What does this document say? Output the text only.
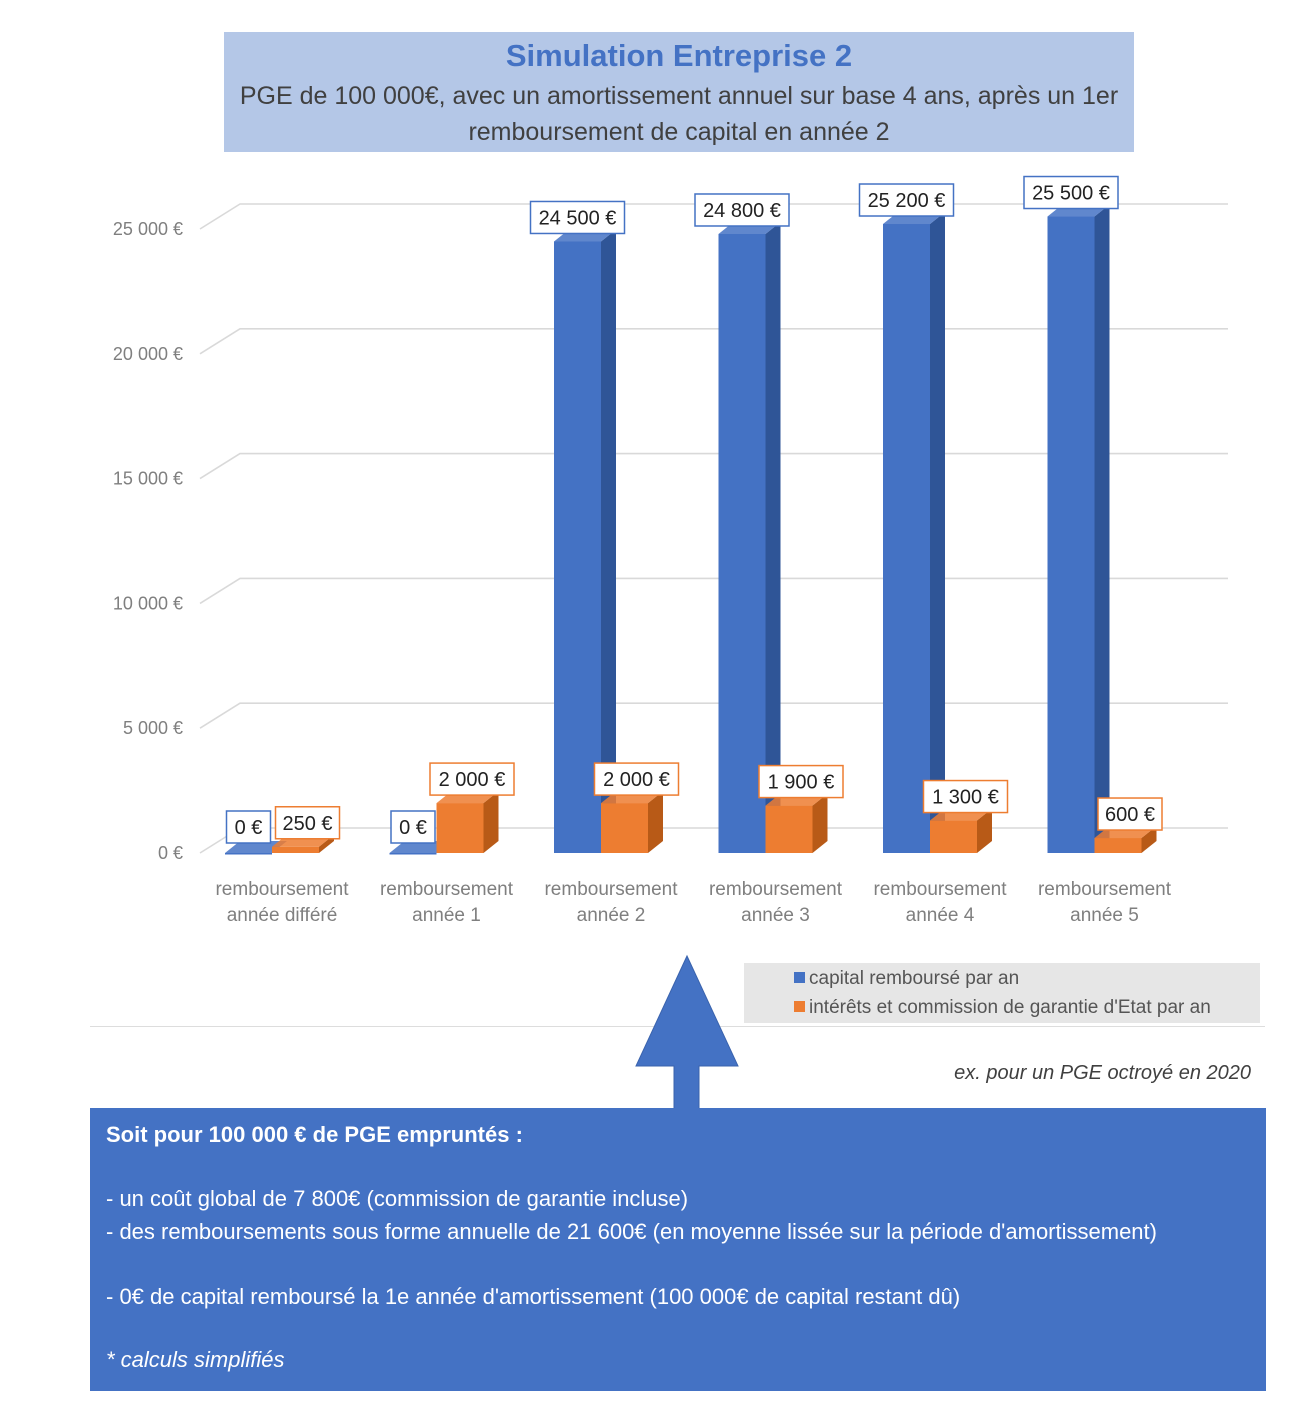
Simulation Entreprise 2
PGE de 100 000€, avec un amortissement annuel sur base 4 ans, après un 1er remboursement de capital en année 2
0 €
5 000 €
10 000 €
15 000 €
20 000 €
25 000 €
0 € 250 €	0 €
2 000 €
24 500 €
2 000 €
24 800 €
1 900 €
25 200 €
1 300 €
25 500 €
600 €
remboursement
année différé
remboursement
année 1
remboursement
année 2
remboursement
année 3
remboursement
année 4
remboursement
année 5
capital remboursé par an
intérêts et commission de garantie d'Etat par an
ex. pour un PGE octroyé en 2020
Soit pour 100 000 € de PGE empruntés :
- un coût global de 7 800€ (commission de garantie incluse)
- des remboursements sous forme annuelle de 21 600€ (en moyenne lissée sur la période d'amortissement)
- 0€ de capital remboursé la 1e année d'amortissement (100 000€ de capital restant dû)
* calculs simplifiés
